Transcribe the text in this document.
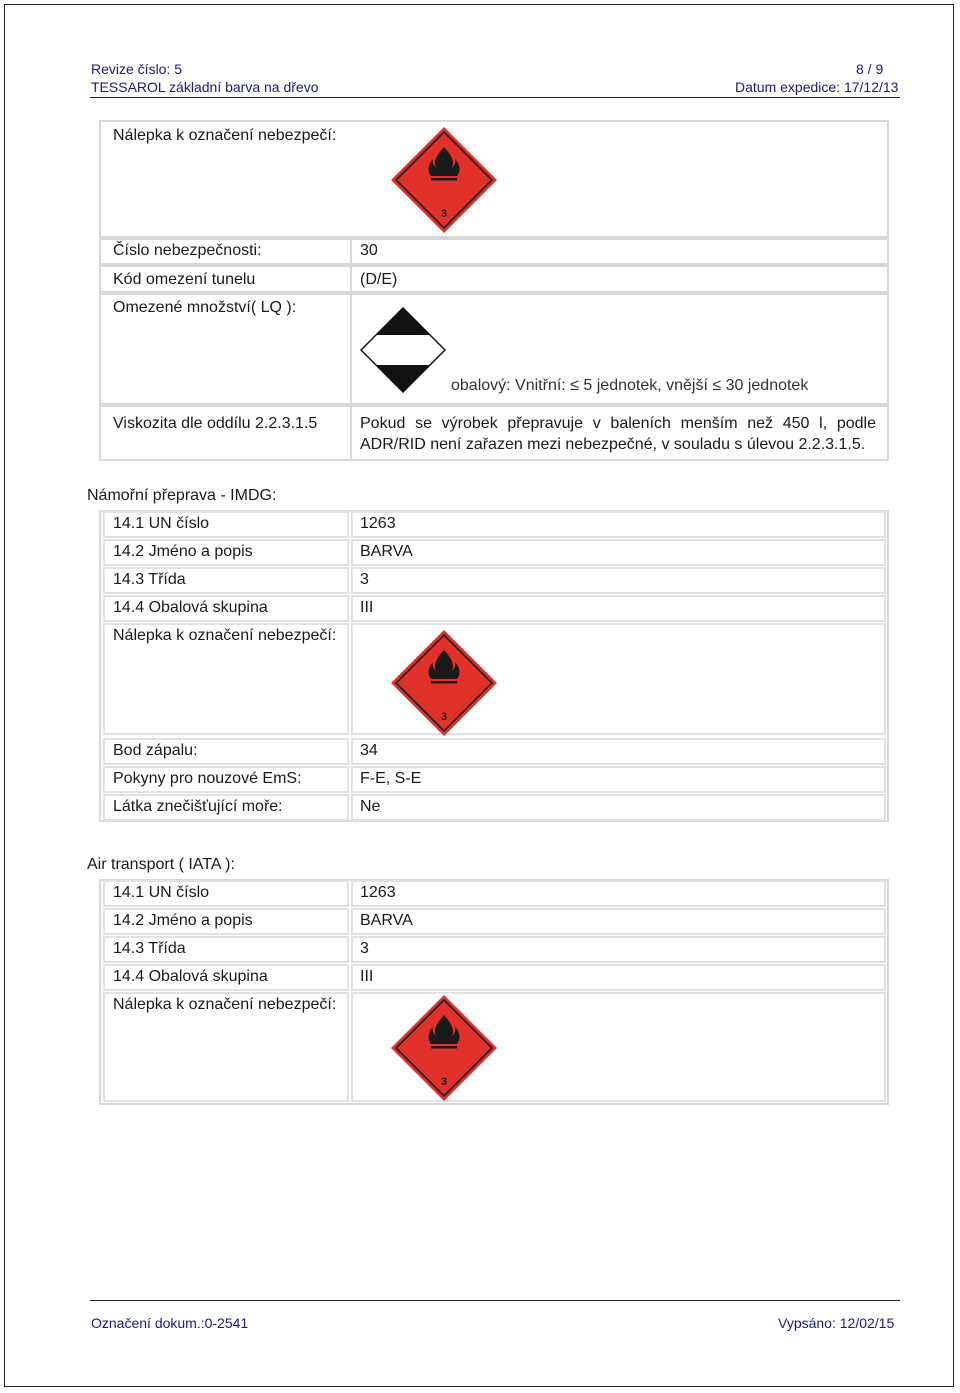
Revize číslo: 5	8 / 9
TESSAROL základní barva na dřevo	Datum expedice: 17/12/13
Nálepka k označení nebezpečí:
3
Číslo nebezpečnosti:	30
Kód omezení tunelu	(D/E)
Omezené množství( LQ ):
obalový: Vnitřní: ≤ 5 jednotek, vnější ≤ 30 jednotek
Viskozita dle oddílu 2.2.3.1.5	Pokud se výrobek přepravuje v baleních menším než 450 l, podle
ADR/RID není zařazen mezi nebezpečné, v souladu s úlevou 2.2.3.1.5.
Námořní přeprava - IMDG:
14.1 UN číslo	1263
14.2 Jméno a popis	BARVA
14.3 Třída	3
14.4 Obalová skupina	III
Nálepka k označení nebezpečí:
3
Bod zápalu:	34
Pokyny pro nouzové EmS:	F-E, S-E
Látka znečišťující moře:	Ne
Air transport ( IATA ):
14.1 UN číslo	1263
14.2 Jméno a popis	BARVA
14.3 Třída	3
14.4 Obalová skupina	III
Nálepka k označení nebezpečí:
3
Označení dokum.:0-2541	Vypsáno: 12/02/15
